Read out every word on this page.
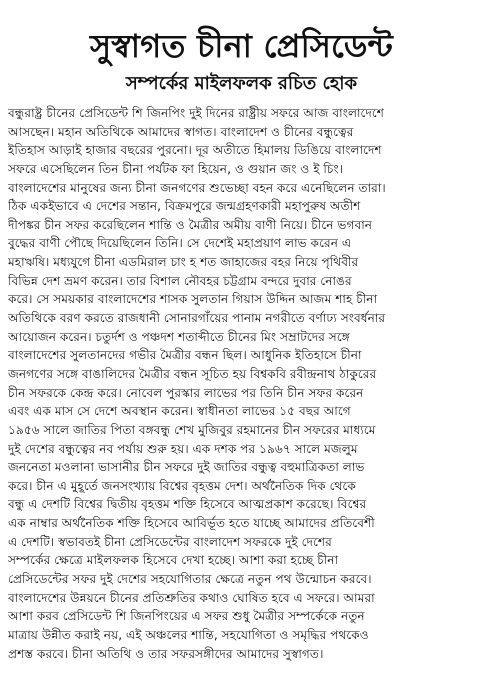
সুস্বাগত চীনা প্রেসিডেন্ট
সম্পর্কের মাইলফলক রচিত হোক
বন্ধুরাষ্ট্র চীনের প্রেসিডেন্ট শি জিনপিং দুই দিনের রাষ্ট্রীয় সফরে আজ বাংলাদেশে
আসছেন। মহান অতিথিকে আমাদের স্বাগত। বাংলাদেশ ও চীনের বন্ধুত্বের
ইতিহাস আড়াই হাজার বছরের পুরনো। দূর অতীতে হিমালয় ডিঙিয়ে বাংলাদেশ
সফরে এসেছিলেন তিন চীনা পর্যটক ফা হিয়েন, ও গুয়ান জং ও ই চিং।
বাংলাদেশের মানুষের জন্য চীনা জনগণের শুভেচ্ছা বহন করে এনেছিলেন তারা।
ঠিক একইভাবে এ দেশের সন্তান, বিক্রমপুরে জন্মগ্রহণকারী মহাপুরুষ অতীশ
দীপঙ্কর চীন সফর করেছিলেন শান্তি ও মৈত্রীর অমীয় বাণী নিয়ে। চীনে ভগবান
বুদ্ধের বাণী পৌছে দিয়েছিলেন তিনি। সে দেশেই মহাপ্রয়াণ লাভ করেন এ
মহাঋষি। মধ্যযুগে চীনা এডমিরাল চাং হ শত জাহাজের বহর নিয়ে পৃথিবীর
বিভিন্ন দেশ ভ্রমণ করেন। তার বিশাল নৌবহর চট্টগ্রাম বন্দরে দুবার নোঙর
করে। সে সময়কার বাংলাদেশের শাসক সুলতান গিয়াস উদ্দিন আজম শাহ চীনা
অতিথিকে বরণ করতে রাজধানী সোনারগাঁয়ের পানাম নগরীতে বর্ণাঢ্য সংবর্ধনার
আয়োজন করেন। চতুর্দশ ও পঞ্চদশ শতাব্দীতে চীনের মিং সম্রাটদের সঙ্গে
বাংলাদেশের সুলতানদের গভীর মৈত্রীর বন্ধন ছিল। আধুনিক ইতিহাসে চীনা
জনগণের সঙ্গে বাঙালিদের মৈত্রীর বন্ধন সূচিত হয় বিশ্বকবি রবীন্দ্রনাথ ঠাকুরের
চীন সফরকে কেন্দ্র করে। নোবেল পুরস্কার লাভের পর তিনি চীন সফর করেন
এবং এক মাস সে দেশে অবস্থান করেন। স্বাধীনতা লাভের ১৫ বছর আগে
১৯৫৬ সালে জাতির পিতা বঙ্গবন্ধু শেখ মুজিবুর রহমানের চীন সফরের মাধ্যমে
দুই দেশের বন্ধুত্বের নব পর্যায় শুরু হয়। এক দশক পর ১৯৬৭ সালে মজলুম
জননেতা মওলানা ভাসানীর চীন সফরে দুই জাতির বন্ধুত্ব বহুমাত্রিকতা লাভ
করে। চীন এ মুহূর্তে জনসংখ্যায় বিশ্বের বৃহত্তম দেশ। অর্থনৈতিক দিক থেকে
বন্ধু এ দেশটি বিশ্বের দ্বিতীয় বৃহত্তম শক্তি হিসেবে আত্মপ্রকাশ করেছে। বিশ্বের
এক নাম্বার অর্থনৈতিক শক্তি হিসেবে আবির্ভূত হতে যাচ্ছে আমাদের প্রতিবেশী
এ দেশটি। স্বভাবতই চীনা প্রেসিডেন্টের বাংলাদেশ সফরকে দুই দেশের
সম্পর্কের ক্ষেত্রে মাইলফলক হিসেবে দেখা হচ্ছে। আশা করা হচ্ছে চীনা
প্রেসিডেন্টের সফর দুই দেশের সহযোগিতার ক্ষেত্রে নতুন পথ উন্মোচন করবে।
বাংলাদেশের উন্নয়নে চীনের প্রতিশ্রুতির কথাও ঘোষিত হবে এ সফরে। আমরা
আশা করব প্রেসিডেন্ট শি জিনপিংয়ের এ সফর শুধু মৈত্রীর সম্পর্কেকে নতুন
মাত্রায় উন্নীত করাই নয়, এই অঞ্চলের শান্তি, সহযোগিতা ও সমৃদ্ধির পথকেও
প্রশস্ত করবে। চীনা অতিথি ও তার সফরসঙ্গীদের আমাদের সুস্বাগত।
